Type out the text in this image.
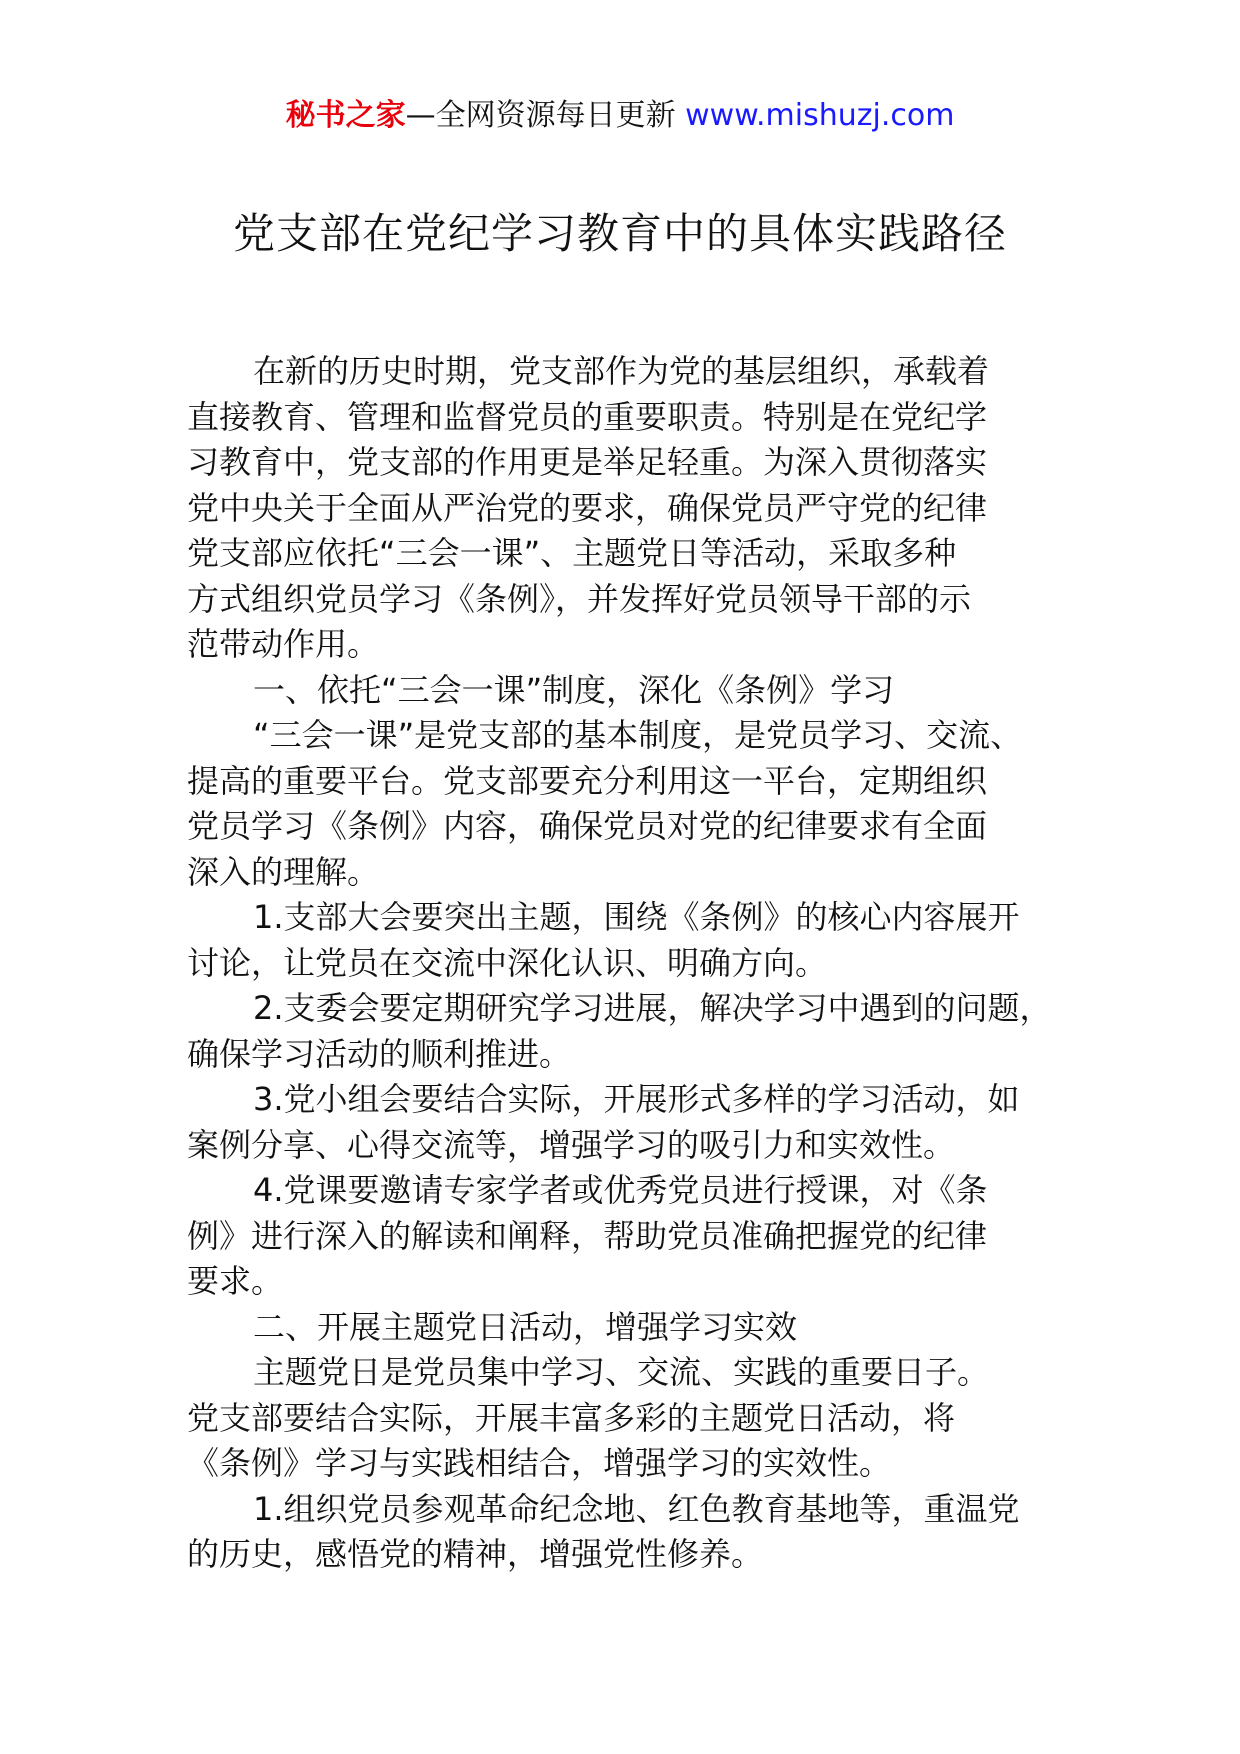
秘书之家—全网资源每日更新 www.mishuzj.com
党支部在党纪学习教育中的具体实践路径
在新的历史时期，党支部作为党的基层组织，承载着
直接教育、管理和监督党员的重要职责。特别是在党纪学
习教育中，党支部的作用更是举足轻重。为深入贯彻落实
党中央关于全面从严治党的要求，确保党员严守党的纪律
党支部应依托“三会一课”、主题党日等活动，采取多种
方式组织党员学习《条例》，并发挥好党员领导干部的示
范带动作用。
一、依托“三会一课”制度，深化《条例》学习
“三会一课”是党支部的基本制度，是党员学习、交流、
提高的重要平台。党支部要充分利用这一平台，定期组织
党员学习《条例》内容，确保党员对党的纪律要求有全面
深入的理解。
1.支部大会要突出主题，围绕《条例》的核心内容展开
讨论，让党员在交流中深化认识、明确方向。
2.支委会要定期研究学习进展，解决学习中遇到的问题，
确保学习活动的顺利推进。
3.党小组会要结合实际，开展形式多样的学习活动，如
案例分享、心得交流等，增强学习的吸引力和实效性。
4.党课要邀请专家学者或优秀党员进行授课，对《条
例》进行深入的解读和阐释，帮助党员准确把握党的纪律
要求。
二、开展主题党日活动，增强学习实效
主题党日是党员集中学习、交流、实践的重要日子。
党支部要结合实际，开展丰富多彩的主题党日活动，将
《条例》学习与实践相结合，增强学习的实效性。
1.组织党员参观革命纪念地、红色教育基地等，重温党
的历史，感悟党的精神，增强党性修养。
